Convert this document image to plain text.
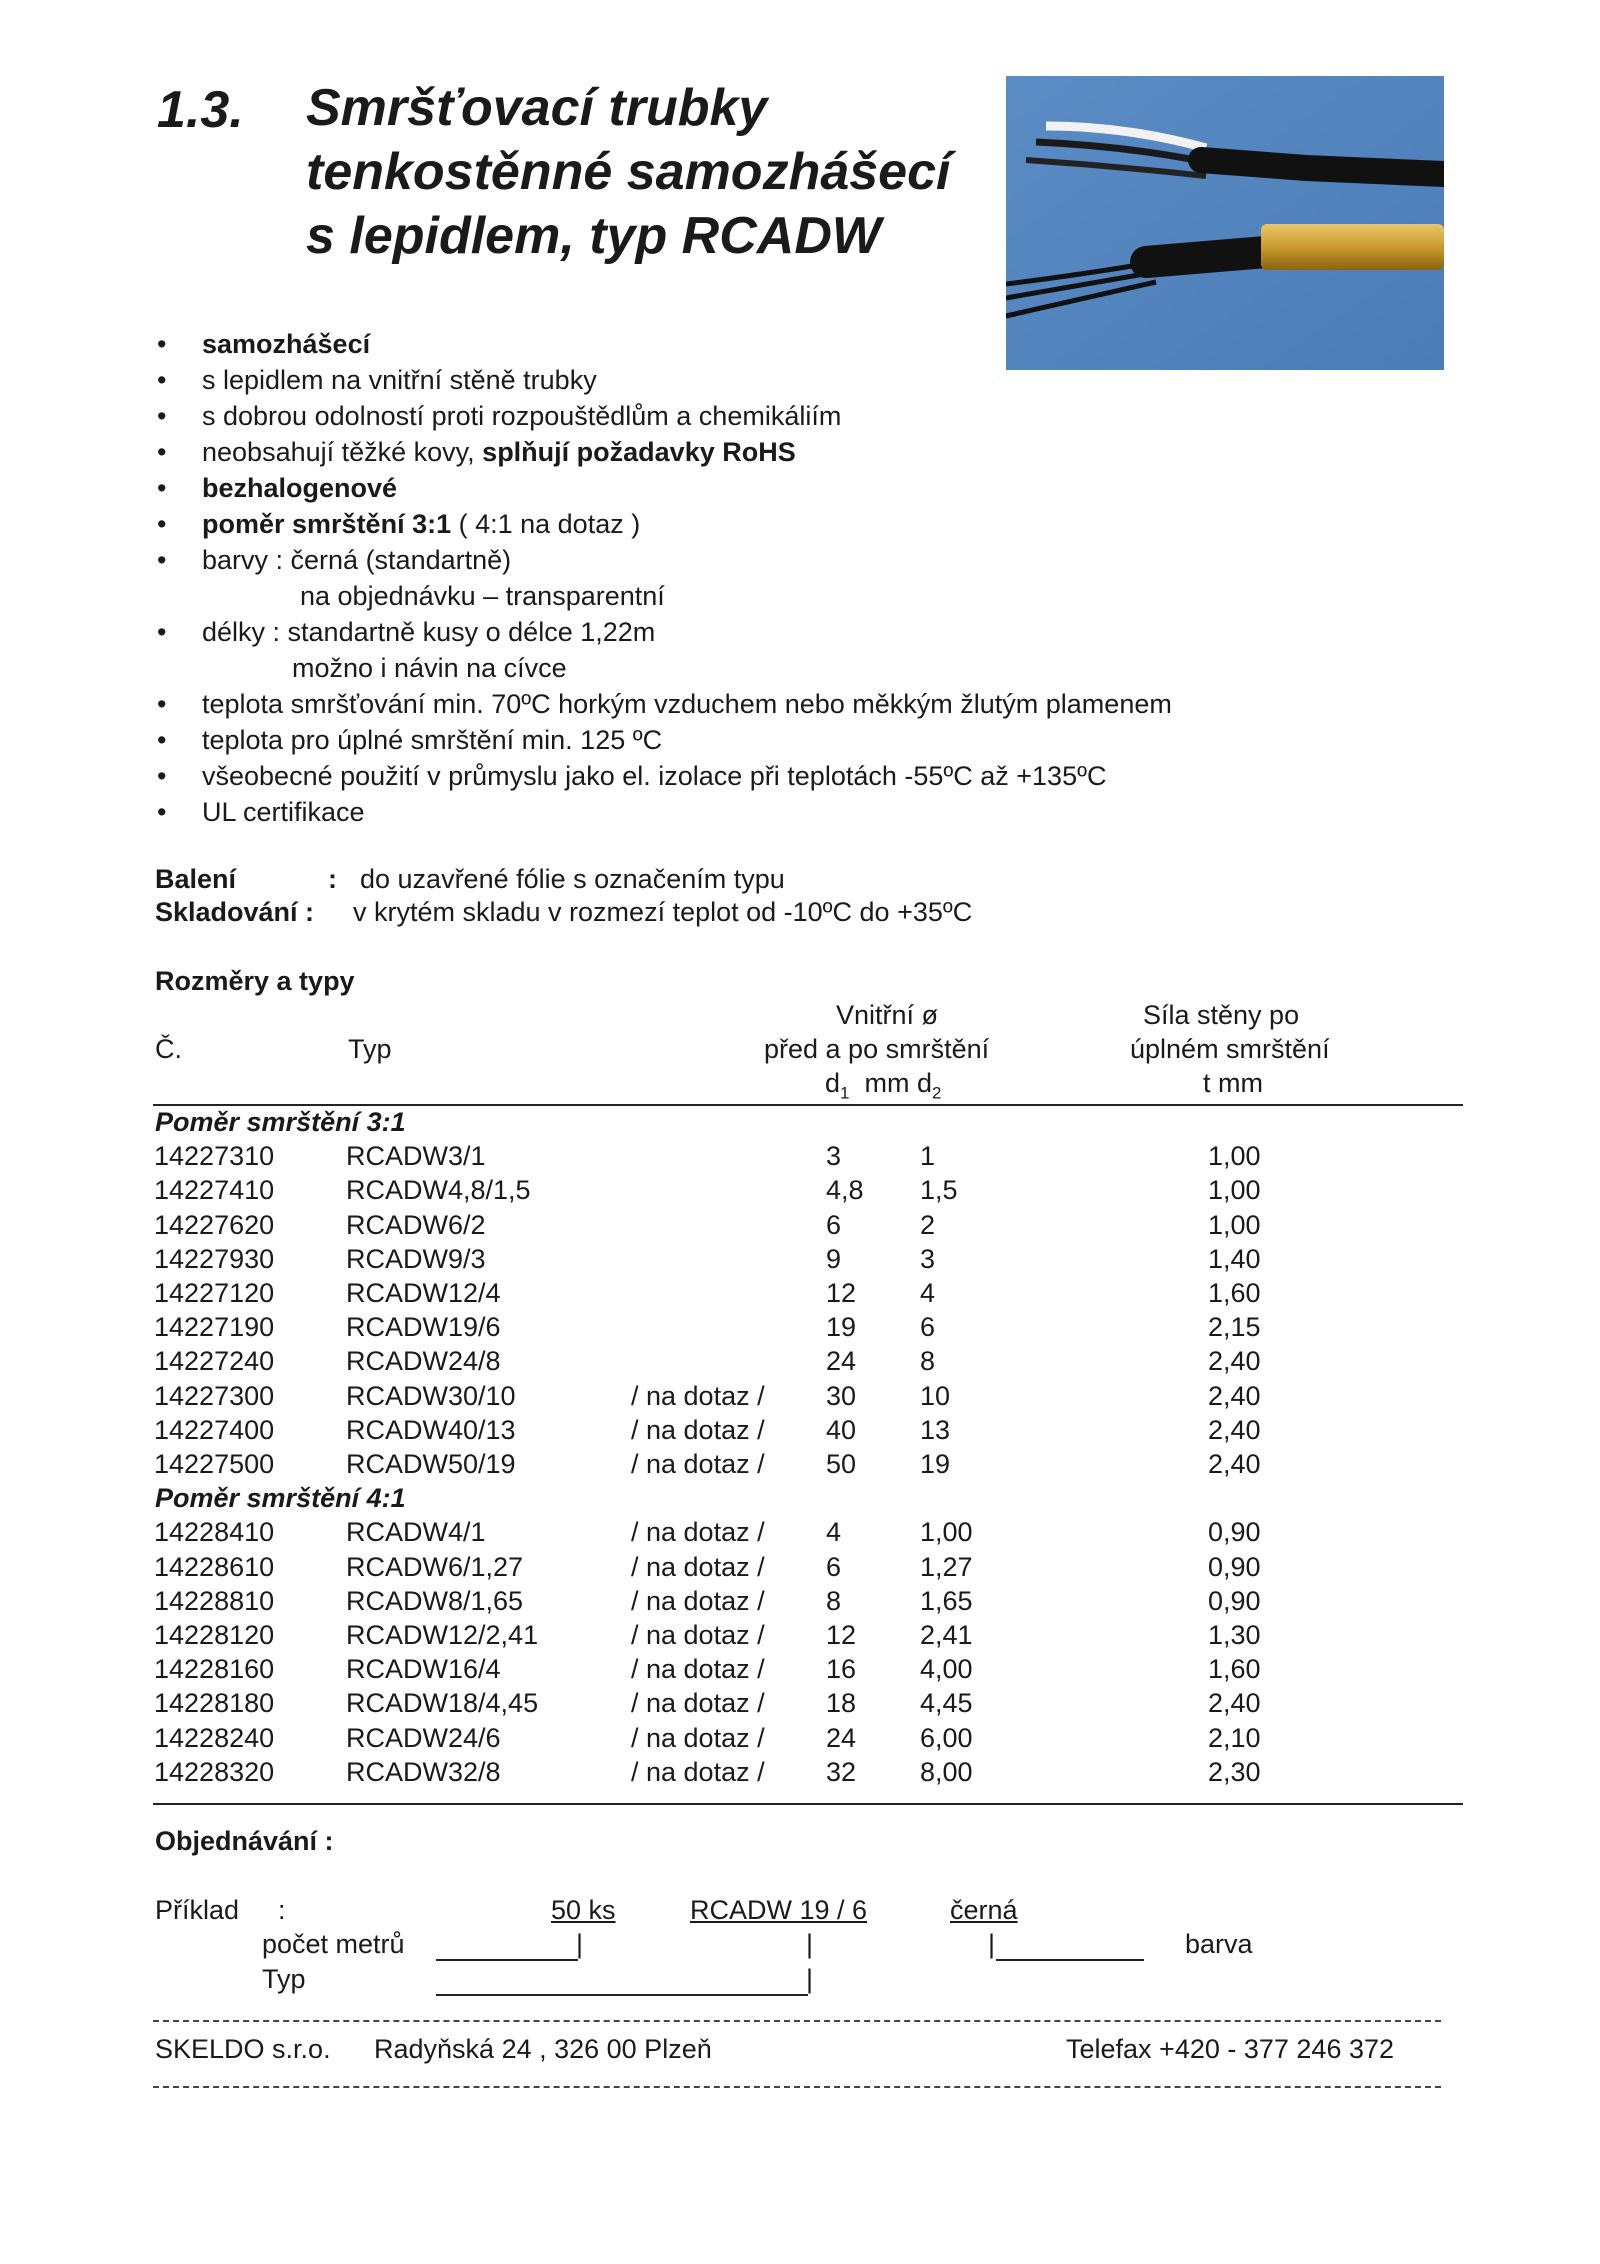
1.3. Smršťovací trubky
tenkostěnné samozhášecí
s lepidlem, typ RCADW
• samozhášecí
• s lepidlem na vnitřní stěně trubky
• s dobrou odolností proti rozpouštědlům a chemikáliím
• neobsahují těžké kovy, splňují požadavky RoHS
• bezhalogenové
• poměr smrštění 3:1 ( 4:1 na dotaz )
• barvy : černá (standartně)
na objednávku – transparentní
• délky : standartně kusy o délce 1,22m
možno i návin na cívce
• teplota smršťování min. 70ºC horkým vzduchem nebo měkkým žlutým plamenem
• teplota pro úplné smrštění min. 125 ºC
• všeobecné použití v průmyslu jako el. izolace při teplotách -55ºC až +135ºC
• UL certifikace
Balení	: do uzavřené fólie s označením typu
Skladování : v krytém skladu v rozmezí teplot od -10ºC do +35ºC
Rozměry a typy
Vnitřní ø	Síla stěny po
Č.	Typ	před a po smrštění	úplném smrštění
$d_1$ mm $d_2$	t mm
Poměr smrštění 3:1
14227310	RCADW 3/1	3	1	1,00
14227410	RCADW 4,8/1,5	4,8 1,5	1,00
14227620	RCADW 6/2	6	2	1,00
14227930	RCADW 9/3	9	3	1,40
14227120	RCADW 12/4	12 4	1,60
14227190	RCADW 19/6	19 6	2,15
14227240	RCADW 24/8	24 8	2,40
14227300	RCADW 30/10	/ na dotaz / 30 10	2,40
14227400	RCADW 40/13	/ na dotaz / 40 13	2,40
14227500	RCADW 50/19	/ na dotaz / 50 19	2,40
Poměr smrštění 4:1
14228410	RCADW 4/1	/ na dotaz / 4	1,00	0,90
14228610	RCADW 6/1,27	/ na dotaz / 6	1,27	0,90
14228810	RCADW 8/1,65	/ na dotaz / 8	1,65	0,90
14228120	RCADW 12/2,41	/ na dotaz / 12 2,41	1,30
14228160	RCADW 16/4	/ na dotaz / 16 4,00	1,60
14228180	RCADW 18/4,45	/ na dotaz / 18 4,45	2,40
14228240	RCADW 24/6	/ na dotaz / 24 6,00	2,10
14228320	RCADW 32/8	/ na dotaz / 32 8,00	2,30
Objednávání :
Příklad :	50 ks	RCADW 19 / 6	černá
počet metrů	|	|	|	barva
Typ	|
SKELDO s.r.o. Radyňská 24 , 326 00 Plzeň	Telefax +420 - 377 246 372
